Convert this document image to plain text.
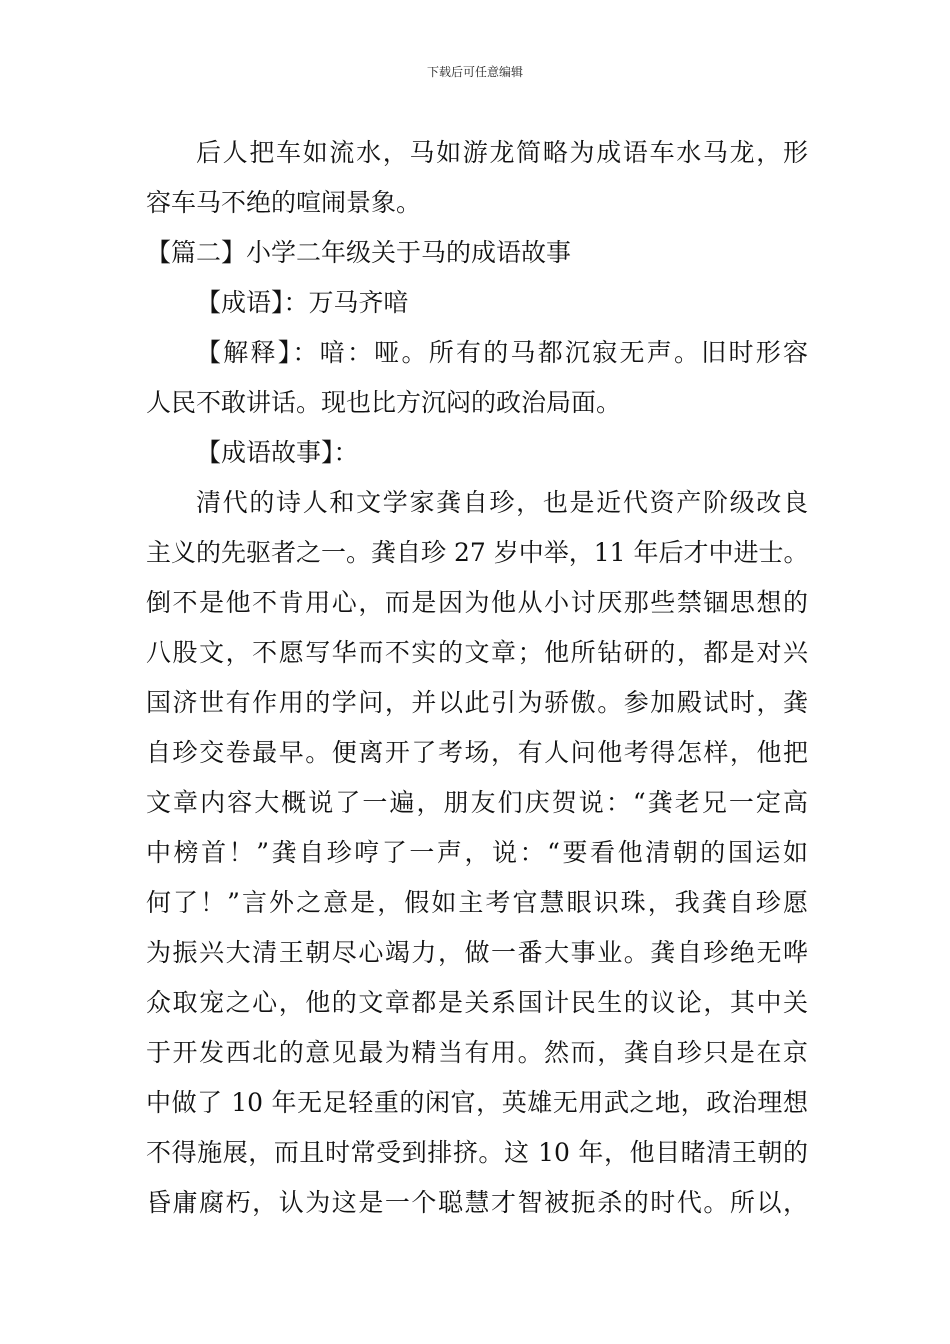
下载后可任意编辑
后人把车如流水，马如游龙简略为成语车水马龙，形
容车马不绝的喧闹景象。
【篇二】小学二年级关于马的成语故事
【成语】：万马齐喑
【解释】：喑：哑。所有的马都沉寂无声。旧时形容
人民不敢讲话。现也比方沉闷的政治局面。
【成语故事】：
清代的诗人和文学家龚自珍，也是近代资产阶级改良
主义的先驱者之一。龚自珍 27 岁中举，11 年后才中进士。
倒不是他不肯用心，而是因为他从小讨厌那些禁锢思想的
八股文，不愿写华而不实的文章；他所钻研的，都是对兴
国济世有作用的学问，并以此引为骄傲。参加殿试时，龚
自珍交卷最早。便离开了考场，有人问他考得怎样，他把
文章内容大概说了一遍，朋友们庆贺说：“龚老兄一定高
中榜首！”龚自珍哼了一声，说：“要看他清朝的国运如
何了！”言外之意是，假如主考官慧眼识珠，我龚自珍愿
为振兴大清王朝尽心竭力，做一番大事业。龚自珍绝无哗
众取宠之心，他的文章都是关系国计民生的议论，其中关
于开发西北的意见最为精当有用。然而，龚自珍只是在京
中做了 10 年无足轻重的闲官，英雄无用武之地，政治理想
不得施展，而且时常受到排挤。这 10 年，他目睹清王朝的
昏庸腐朽，认为这是一个聪慧才智被扼杀的时代。所以，
